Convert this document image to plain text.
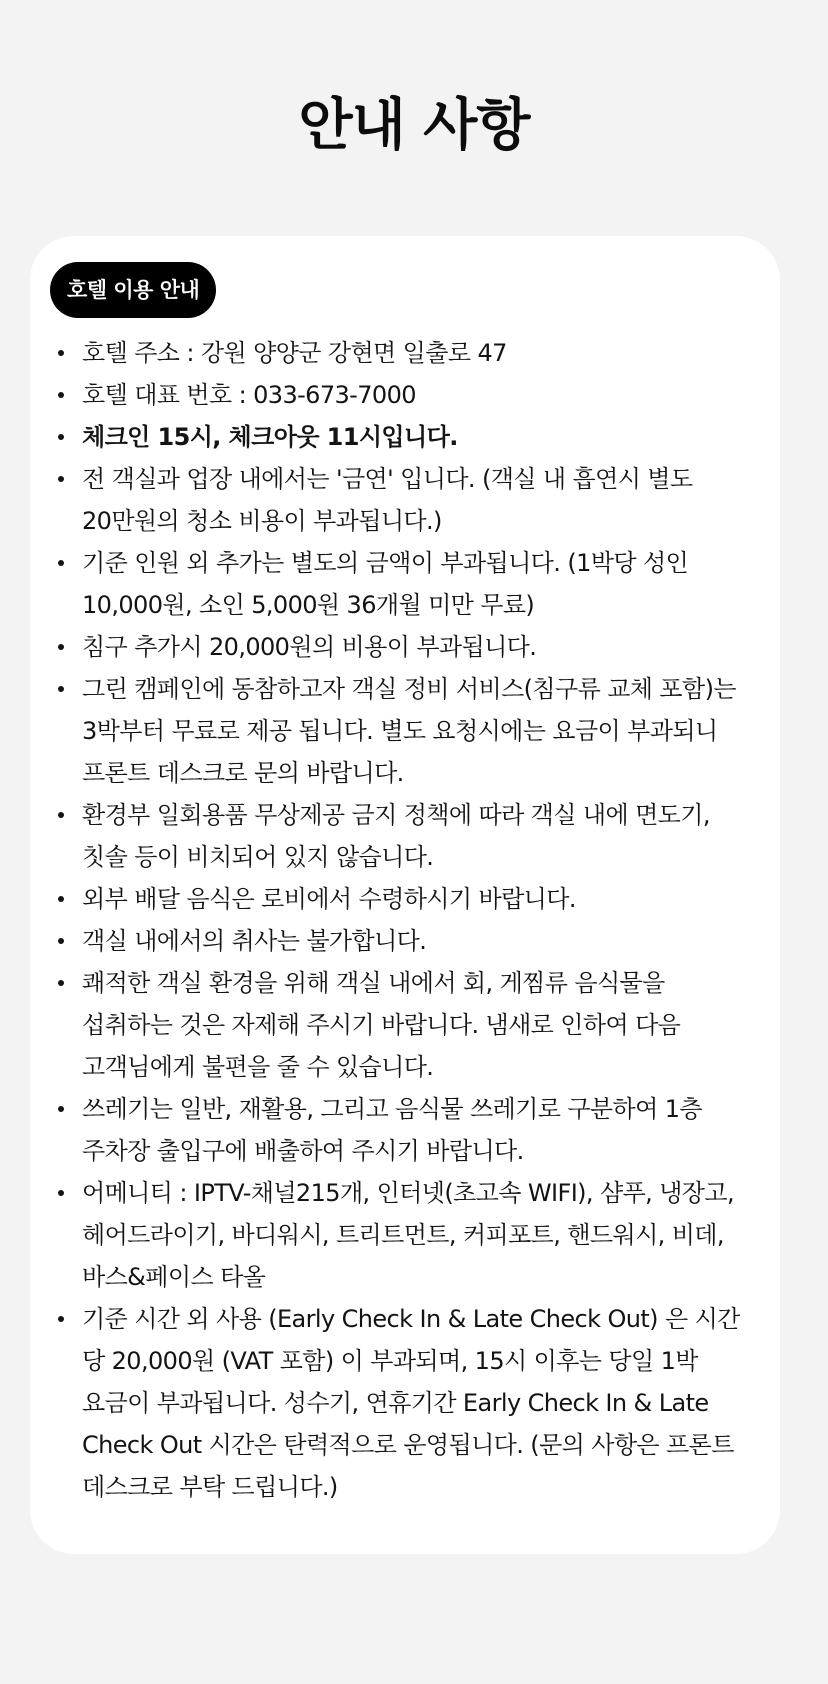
안내 사항
호텔 이용 안내
호텔 주소 : 강원 양양군 강현면 일출로 47
호텔 대표 번호 : 033-673-7000
체크인 15시, 체크아웃 11시입니다.
전 객실과 업장 내에서는 '금연' 입니다. (객실 내 흡연시 별도 20만원의 청소 비용이 부과됩니다.)
기준 인원 외 추가는 별도의 금액이 부과됩니다. (1박당 성인 10,000원, 소인 5,000원 36개월 미만 무료)
침구 추가시 20,000원의 비용이 부과됩니다.
그린 캠페인에 동참하고자 객실 정비 서비스(침구류 교체 포함)는 3박부터 무료로 제공 됩니다. 별도 요청시에는 요금이 부과되니 프론트 데스크로 문의 바랍니다.
환경부 일회용품 무상제공 금지 정책에 따라 객실 내에 면도기, 칫솔 등이 비치되어 있지 않습니다.
외부 배달 음식은 로비에서 수령하시기 바랍니다.
객실 내에서의 취사는 불가합니다.
쾌적한 객실 환경을 위해 객실 내에서 회, 게찜류 음식물을 섭취하는 것은 자제해 주시기 바랍니다. 냄새로 인하여 다음 고객님에게 불편을 줄 수 있습니다.
쓰레기는 일반, 재활용, 그리고 음식물 쓰레기로 구분하여 1층 주차장 출입구에 배출하여 주시기 바랍니다.
어메니티 : IPTV-채널215개, 인터넷(초고속 WIFI), 샴푸, 냉장고, 헤어드라이기, 바디워시, 트리트먼트, 커피포트, 핸드워시, 비데, 바스&페이스 타올
기준 시간 외 사용 (Early Check In & Late Check Out) 은 시간 당 20,000원 (VAT 포함) 이 부과되며, 15시 이후는 당일 1박 요금이 부과됩니다. 성수기, 연휴기간 Early Check In & Late Check Out 시간은 탄력적으로 운영됩니다. (문의 사항은 프론트 데스크로 부탁 드립니다.)
